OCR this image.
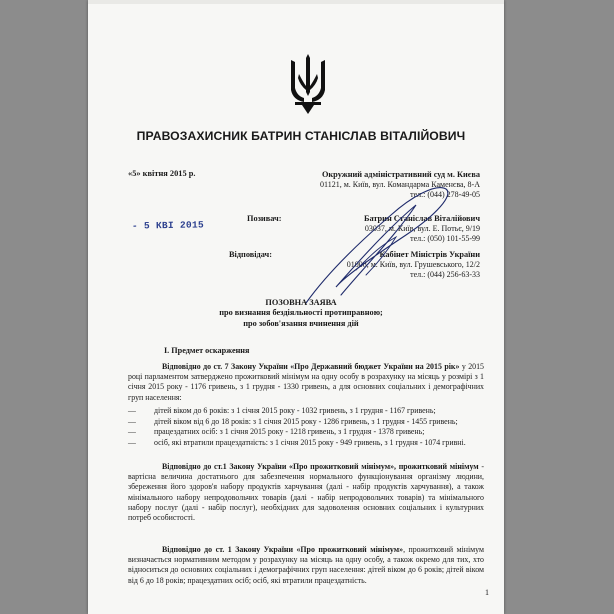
ПРАВОЗАХИСНИК БАТРИН СТАНІСЛАВ ВІТАЛІЙОВИЧ
«5» квітня 2015 р.	Окружний адміністративний суд м. Києва
01121, м. Київ, вул. Командарма Каменєва, 8-А
тел.: (044) 278-49-05
Позивач:	Батрин Станіслав Віталійович
03037, м. Київ, вул. Е. Потьє, 9/19
тел.: (050) 101-55-99
- 5 КВІ 2015
Відповідач:	Кабінет Міністрів України
01008, м. Київ, вул. Грушевського, 12/2
тел.: (044) 256-63-33
ПОЗОВНА ЗАЯВА
про визнання бездіяльності протиправною;
про зобов'язання вчинення дій
І. Предмет оскарження
Відповідно до ст. 7 Закону України «Про Державний бюджет України на 2015 рік» у 2015 році парламентом затверджено прожитковий мінімум на одну особу в розрахунку на місяць у розмірі з 1 січня 2015 року - 1176 гривень, з 1 грудня - 1330 гривень, а для основних соціальних і демографічних груп населення:
— дітей віком до 6 років: з 1 січня 2015 року - 1032 гривень, з 1 грудня - 1167 гривень;
— дітей віком від 6 до 18 років: з 1 січня 2015 року - 1286 гривень, з 1 грудня - 1455 гривень;
— працездатних осіб: з 1 січня 2015 року - 1218 гривень, з 1 грудня - 1378 гривень;
— осіб, які втратили працездатність: з 1 січня 2015 року - 949 гривень, з 1 грудня - 1074 гривні.
Відповідно до ст.1 Закону України «Про прожитковий мінімум», прожитковий мінімум - вартісна величина достатнього для забезпечення нормального функціонування організму людини, збереження його здоров'я набору продуктів харчування (далі - набір продуктів харчування), а також мінімального набору непродовольчих товарів (далі - набір непродовольчих товарів) та мінімального набору послуг (далі - набір послуг), необхідних для задоволення основних соціальних і культурних потреб особистості.
Відповідно до ст. 1 Закону України «Про прожитковий мінімум», прожитковий мінімум визначається нормативним методом у розрахунку на місяць на одну особу, а також окремо для тих, хто відноситься до основних соціальних і демографічних груп населення: дітей віком до 6 років; дітей віком від 6 до 18 років; працездатних осіб; осіб, які втратили працездатність.
1
